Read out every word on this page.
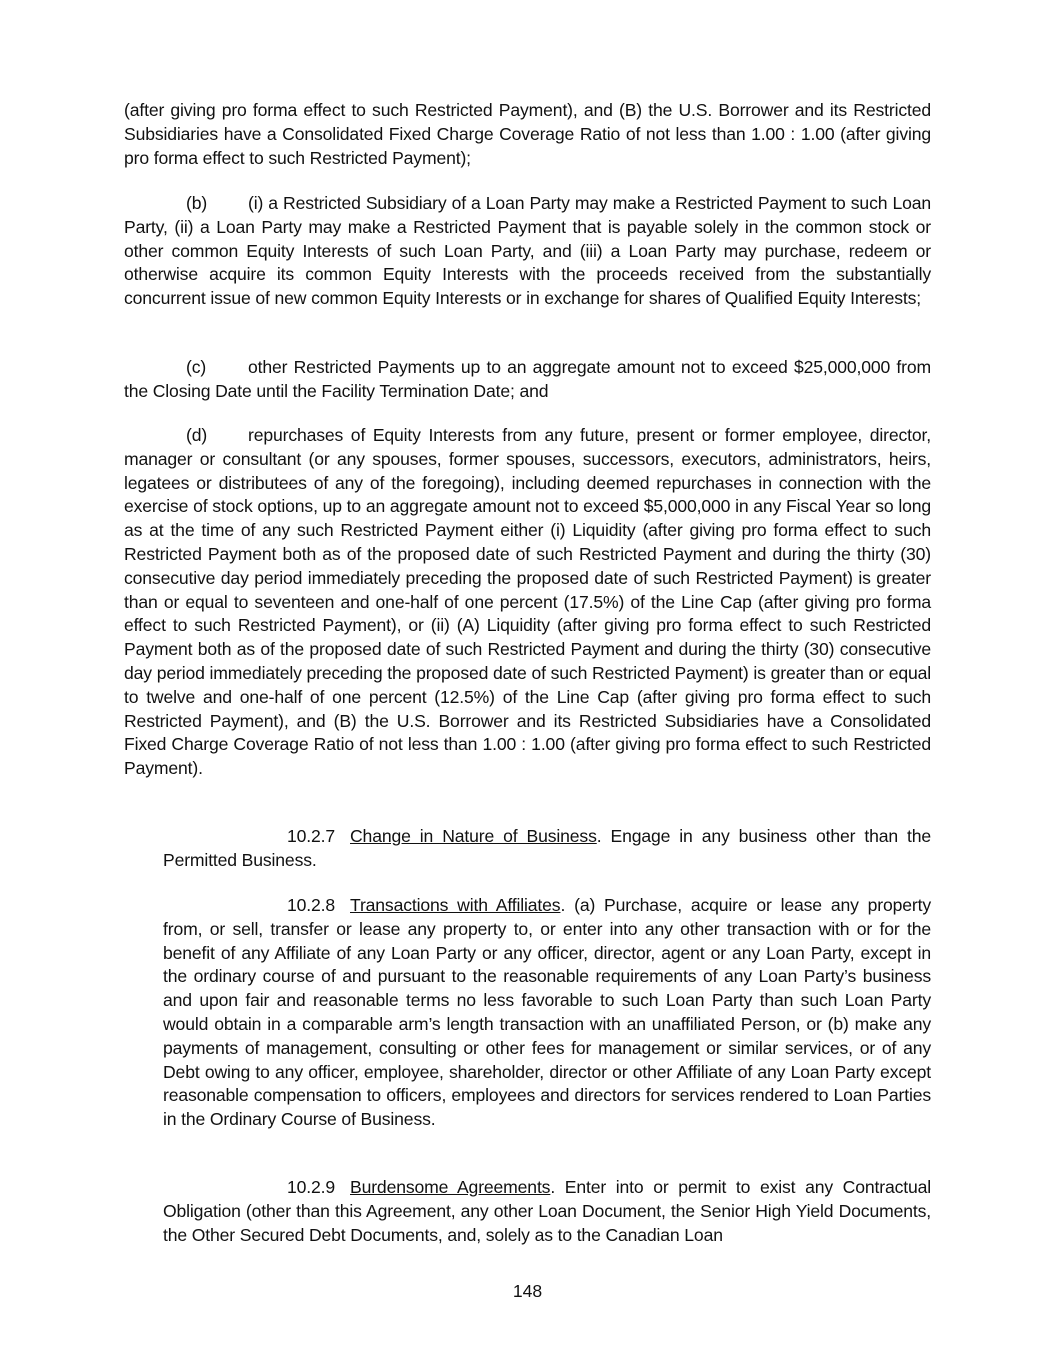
(after giving pro forma effect to such Restricted Payment), and (B) the U.S. Borrower and its Restricted Subsidiaries have a Consolidated Fixed Charge Coverage Ratio of not less than 1.00 : 1.00 (after giving pro forma effect to such Restricted Payment);

(b) (i) a Restricted Subsidiary of a Loan Party may make a Restricted Payment to such Loan Party, (ii) a Loan Party may make a Restricted Payment that is payable solely in the common stock or other common Equity Interests of such Loan Party, and (iii) a Loan Party may purchase, redeem or otherwise acquire its common Equity Interests with the proceeds received from the substantially concurrent issue of new common Equity Interests or in exchange for shares of Qualified Equity Interests;

(c) other Restricted Payments up to an aggregate amount not to exceed $25,000,000 from the Closing Date until the Facility Termination Date; and

(d) repurchases of Equity Interests from any future, present or former employee, director, manager or consultant (or any spouses, former spouses, successors, executors, administrators, heirs, legatees or distributees of any of the foregoing), including deemed repurchases in connection with the exercise of stock options, up to an aggregate amount not to exceed $5,000,000 in any Fiscal Year so long as at the time of any such Restricted Payment either (i) Liquidity (after giving pro forma effect to such Restricted Payment both as of the proposed date of such Restricted Payment and during the thirty (30) consecutive day period immediately preceding the proposed date of such Restricted Payment) is greater than or equal to seventeen and one-half of one percent (17.5%) of the Line Cap (after giving pro forma effect to such Restricted Payment), or (ii) (A) Liquidity (after giving pro forma effect to such Restricted Payment both as of the proposed date of such Restricted Payment and during the thirty (30) consecutive day period immediately preceding the proposed date of such Restricted Payment) is greater than or equal to twelve and one-half of one percent (12.5%) of the Line Cap (after giving pro forma effect to such Restricted Payment), and (B) the U.S. Borrower and its Restricted Subsidiaries have a Consolidated Fixed Charge Coverage Ratio of not less than 1.00 : 1.00 (after giving pro forma effect to such Restricted Payment).

10.2.7 Change in Nature of Business. Engage in any business other than the Permitted Business.

10.2.8 Transactions with Affiliates. (a) Purchase, acquire or lease any property from, or sell, transfer or lease any property to, or enter into any other transaction with or for the benefit of any Affiliate of any Loan Party or any officer, director, agent or any Loan Party, except in the ordinary course of and pursuant to the reasonable requirements of any Loan Party’s business and upon fair and reasonable terms no less favorable to such Loan Party than such Loan Party would obtain in a comparable arm’s length transaction with an unaffiliated Person, or (b) make any payments of management, consulting or other fees for management or similar services, or of any Debt owing to any officer, employee, shareholder, director or other Affiliate of any Loan Party except reasonable compensation to officers, employees and directors for services rendered to Loan Parties in the Ordinary Course of Business.

10.2.9 Burdensome Agreements. Enter into or permit to exist any Contractual Obligation (other than this Agreement, any other Loan Document, the Senior High Yield Documents, the Other Secured Debt Documents, and, solely as to the Canadian Loan

148
